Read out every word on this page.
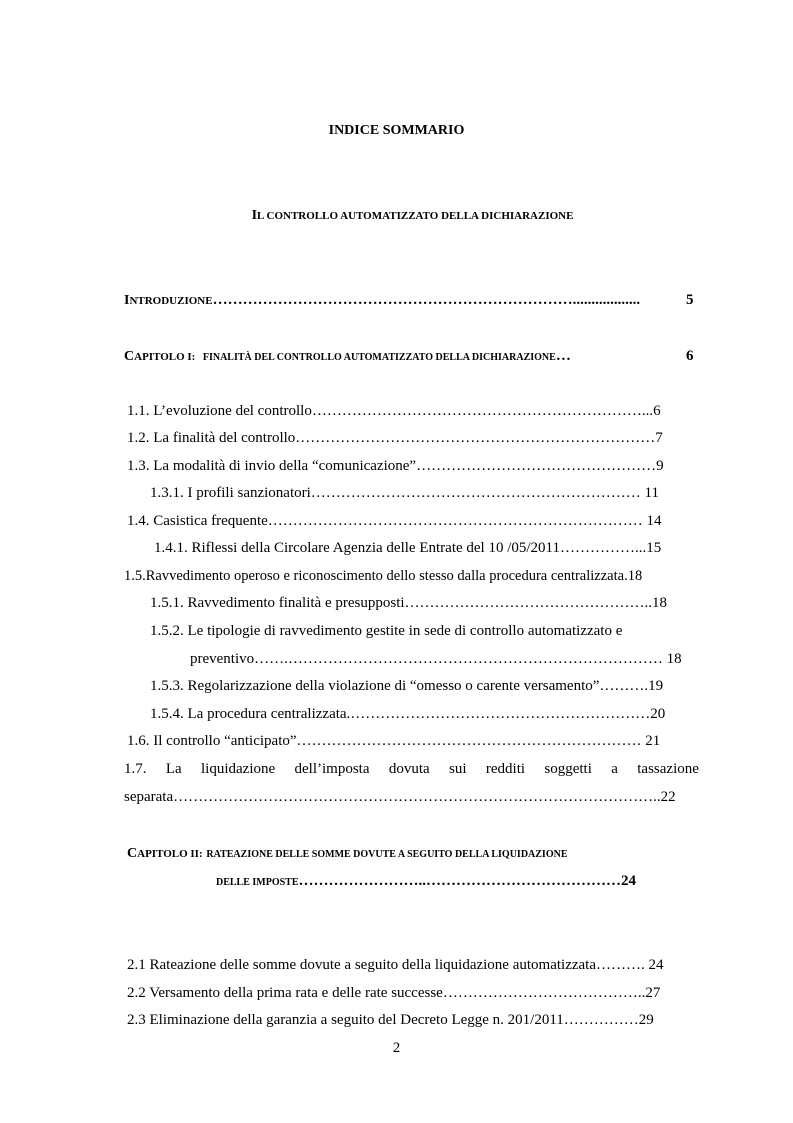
INDICE SOMMARIO
IL CONTROLLO AUTOMATIZZATO DELLA DICHIARAZIONE
INTRODUZIONE………………………………………………………………..................	5
CAPITOLO I: FINALITÀ DEL CONTROLLO AUTOMATIZZATO DELLA DICHIARAZIONE…	6
1.1. L’evoluzione del controllo…………………………………………………………...6
1.2. La finalità del controllo………………………………………………………………7
1.3. La modalità di invio della “comunicazione”…………………………………………9
1.3.1. I profili sanzionatori………………………………………………………… 11
1.4. Casistica frequente………………………………………………………………… 14
1.4.1. Riflessi della Circolare Agenzia delle Entrate del 10 /05/2011……………...15
1.5.Ravvedimento operoso e riconoscimento dello stesso dalla procedura centralizzata.18
1.5.1. Ravvedimento finalità e presupposti…………………………………………..18
1.5.2. Le tipologie di ravvedimento gestite in sede di controllo automatizzato e
preventivo…….………………………………………………………………… 18
1.5.3. Regolarizzazione della violazione di “omesso o carente versamento”……….19
1.5.4. La procedura centralizzata.……………………………………………………20
1.6. Il controllo “anticipato”…………………………………………………………… 21
1.7. La liquidazione dell’imposta dovuta sui redditi soggetti a tassazione
separata……………………………………………………………………………………..22
CAPITOLO II: RATEAZIONE DELLE SOMME DOVUTE A SEGUITO DELLA LIQUIDAZIONE
DELLE IMPOSTE……………………..…………………………………24
2.1 Rateazione delle somme dovute a seguito della liquidazione automatizzata………. 24
2.2 Versamento della prima rata e delle rate successe…………………………………..27
2.3 Eliminazione della garanzia a seguito del Decreto Legge n. 201/2011……………29
2
